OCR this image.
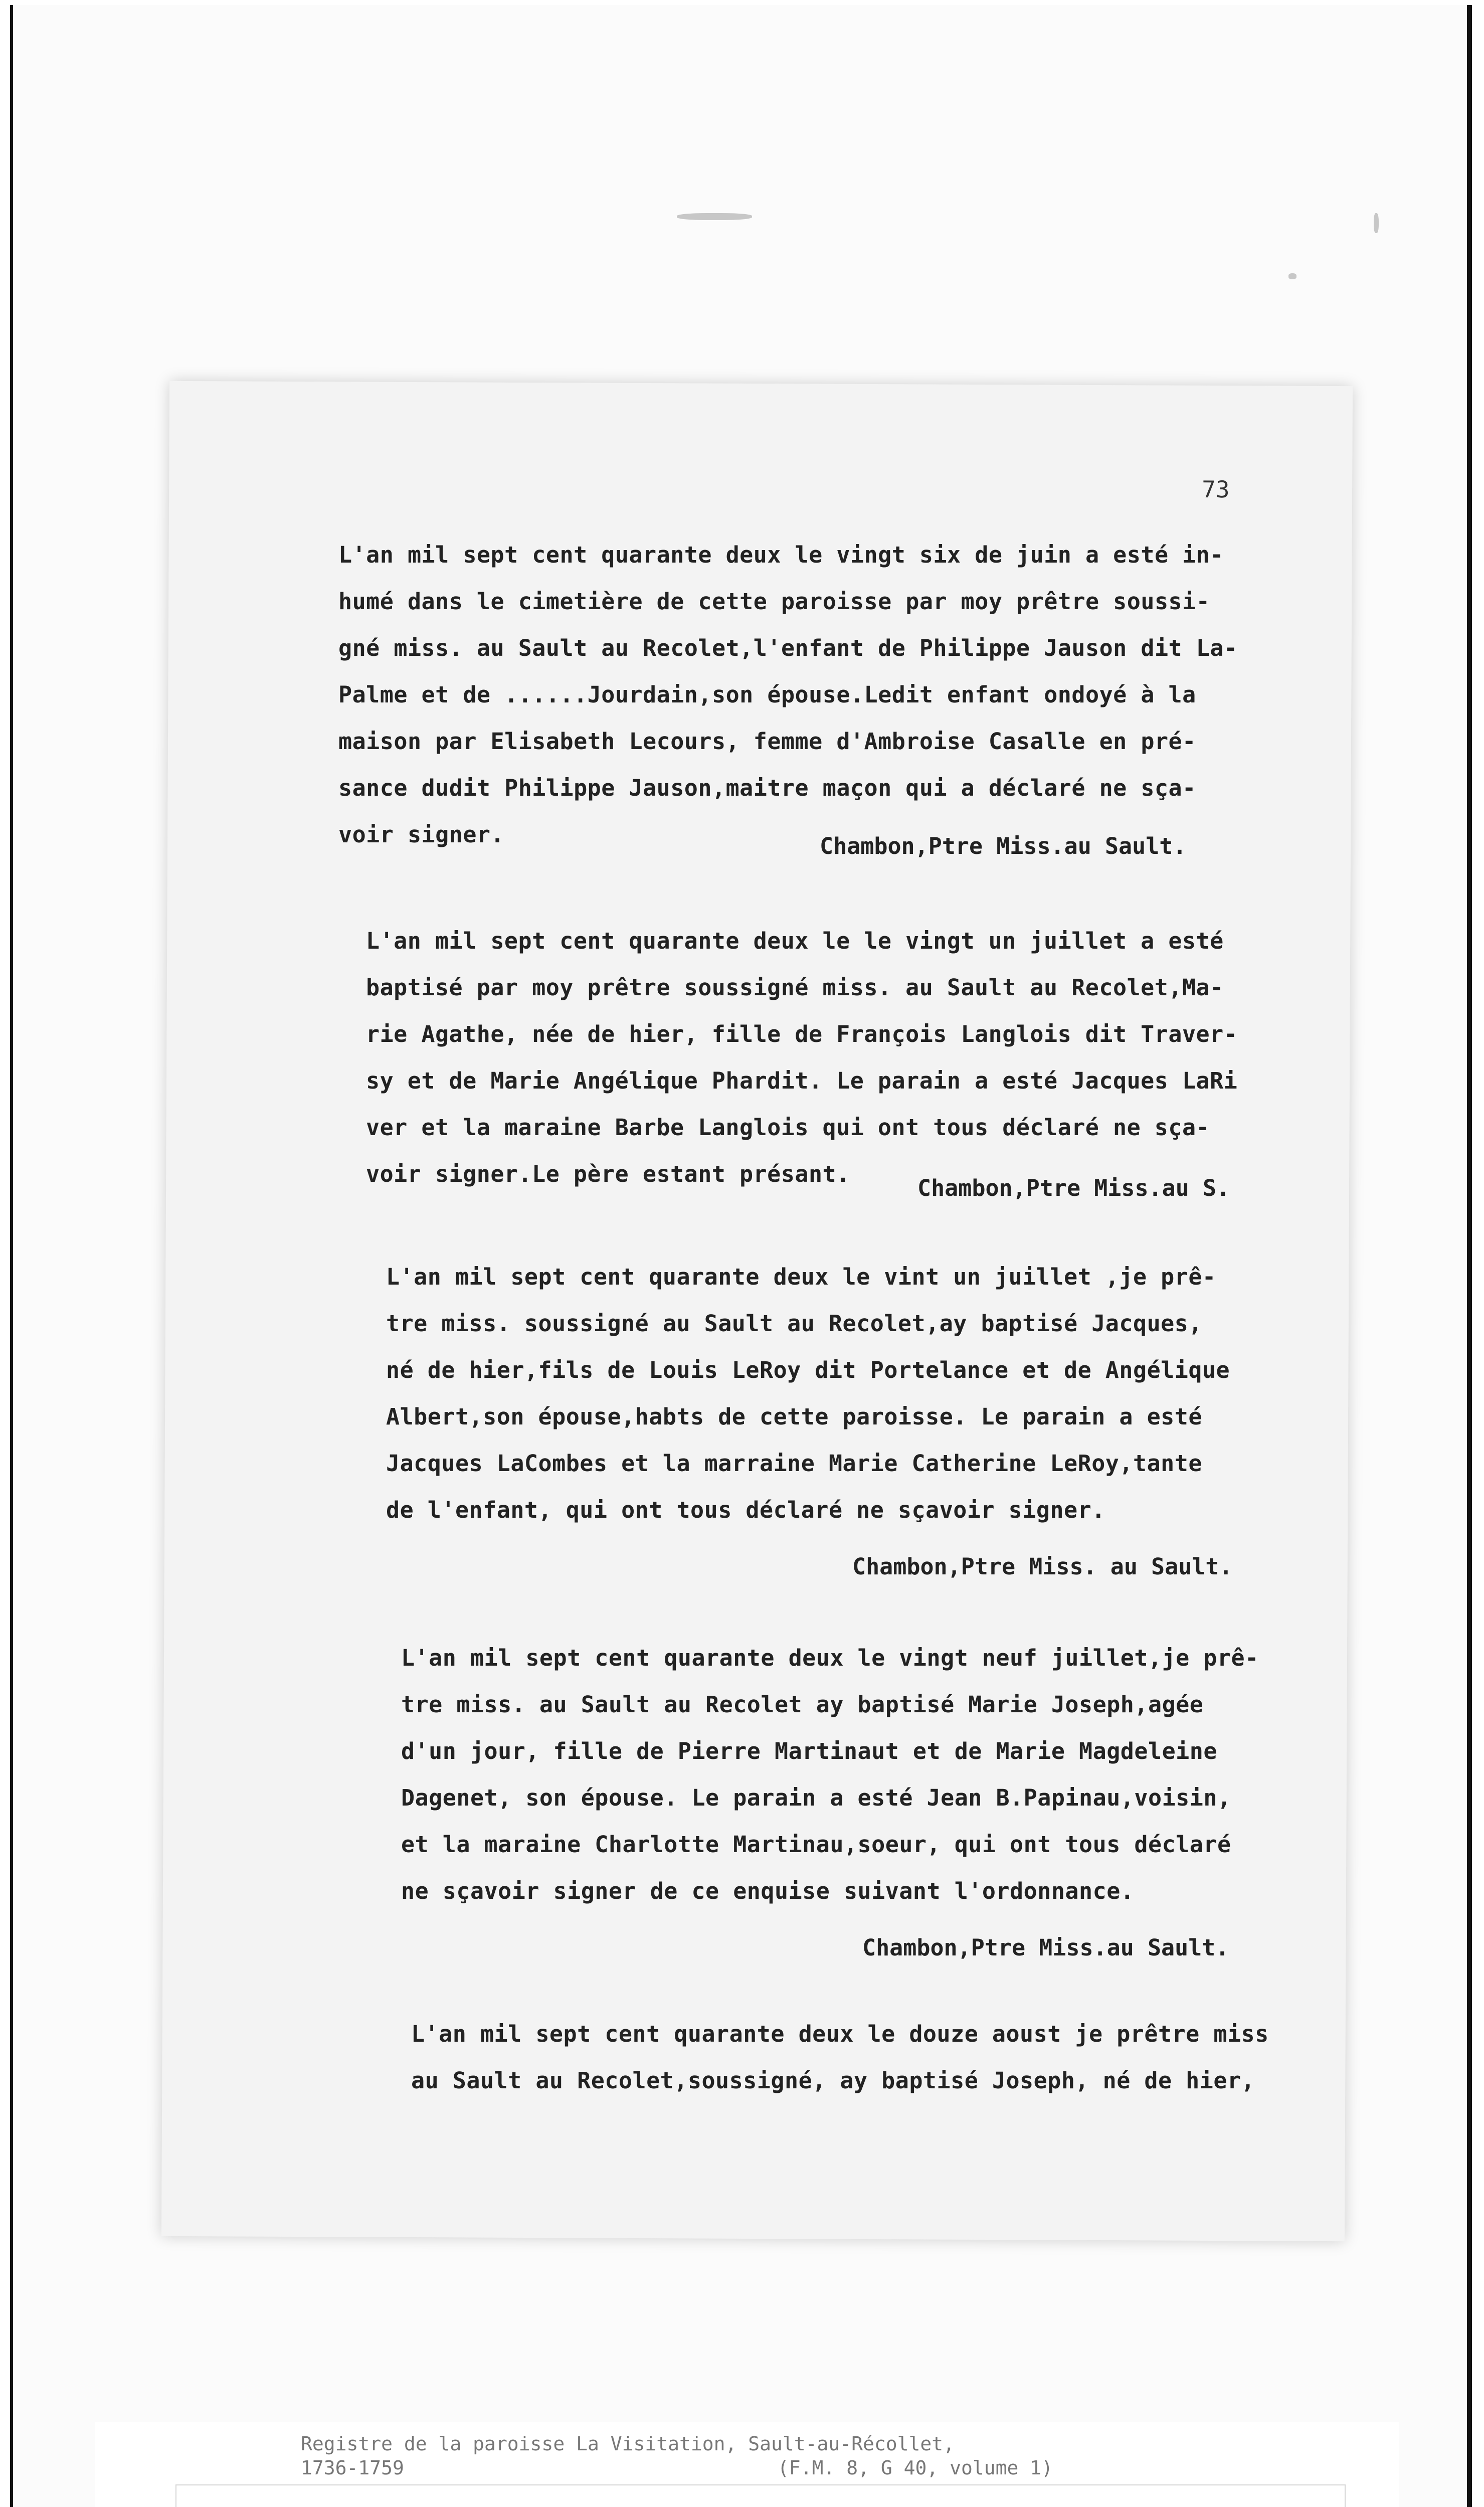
73

L'an mil sept cent quarante deux le vingt six de juin a esté in-

humé dans le cimetière de cette paroisse par moy prêtre soussi-

gné miss. au Sault au Recolet,l'enfant de Philippe Jauson dit La-

Palme et de ......Jourdain,son épouse.Ledit enfant ondoyé à la

maison par Elisabeth Lecours, femme d'Ambroise Casalle en pré-

sance dudit Philippe Jauson,maitre maçon qui a déclaré ne sça-

voir signer.	Chambon,Ptre Miss.au Sault.

L'an mil sept cent quarante deux le le vingt un juillet a esté

baptisé par moy prêtre soussigné miss. au Sault au Recolet,Ma-

rie Agathe, née de hier, fille de François Langlois dit Traver-

sy et de Marie Angélique Phardit. Le parain a esté Jacques LaRi

ver et la maraine Barbe Langlois qui ont tous déclaré ne sça-

voir signer.Le père estant présant.

Chambon,Ptre Miss.au S.

L'an mil sept cent quarante deux le vint un juillet ,je prê-

tre miss. soussigné au Sault au Recolet,ay baptisé Jacques,

né de hier,fils de Louis LeRoy dit Portelance et de Angélique

Albert,son épouse,habts de cette paroisse. Le parain a esté

Jacques LaCombes et la marraine Marie Catherine LeRoy,tante

de l'enfant, qui ont tous déclaré ne sçavoir signer.

Chambon,Ptre Miss. au Sault.

L'an mil sept cent quarante deux le vingt neuf juillet,je prê-

tre miss. au Sault au Recolet ay baptisé Marie Joseph,agée

d'un jour, fille de Pierre Martinaut et de Marie Magdeleine

Dagenet, son épouse. Le parain a esté Jean B.Papinau,voisin,

et la maraine Charlotte Martinau,soeur, qui ont tous déclaré

ne sçavoir signer de ce enquise suivant l'ordonnance.

Chambon,Ptre Miss.au Sault.

L'an mil sept cent quarante deux le douze aoust je prêtre miss

au Sault au Recolet,soussigné, ay baptisé Joseph, né de hier,

Registre de la paroisse La Visitation, Sault-au-Récollet,
1736-1759	(F.M. 8, G 40, volume 1)
